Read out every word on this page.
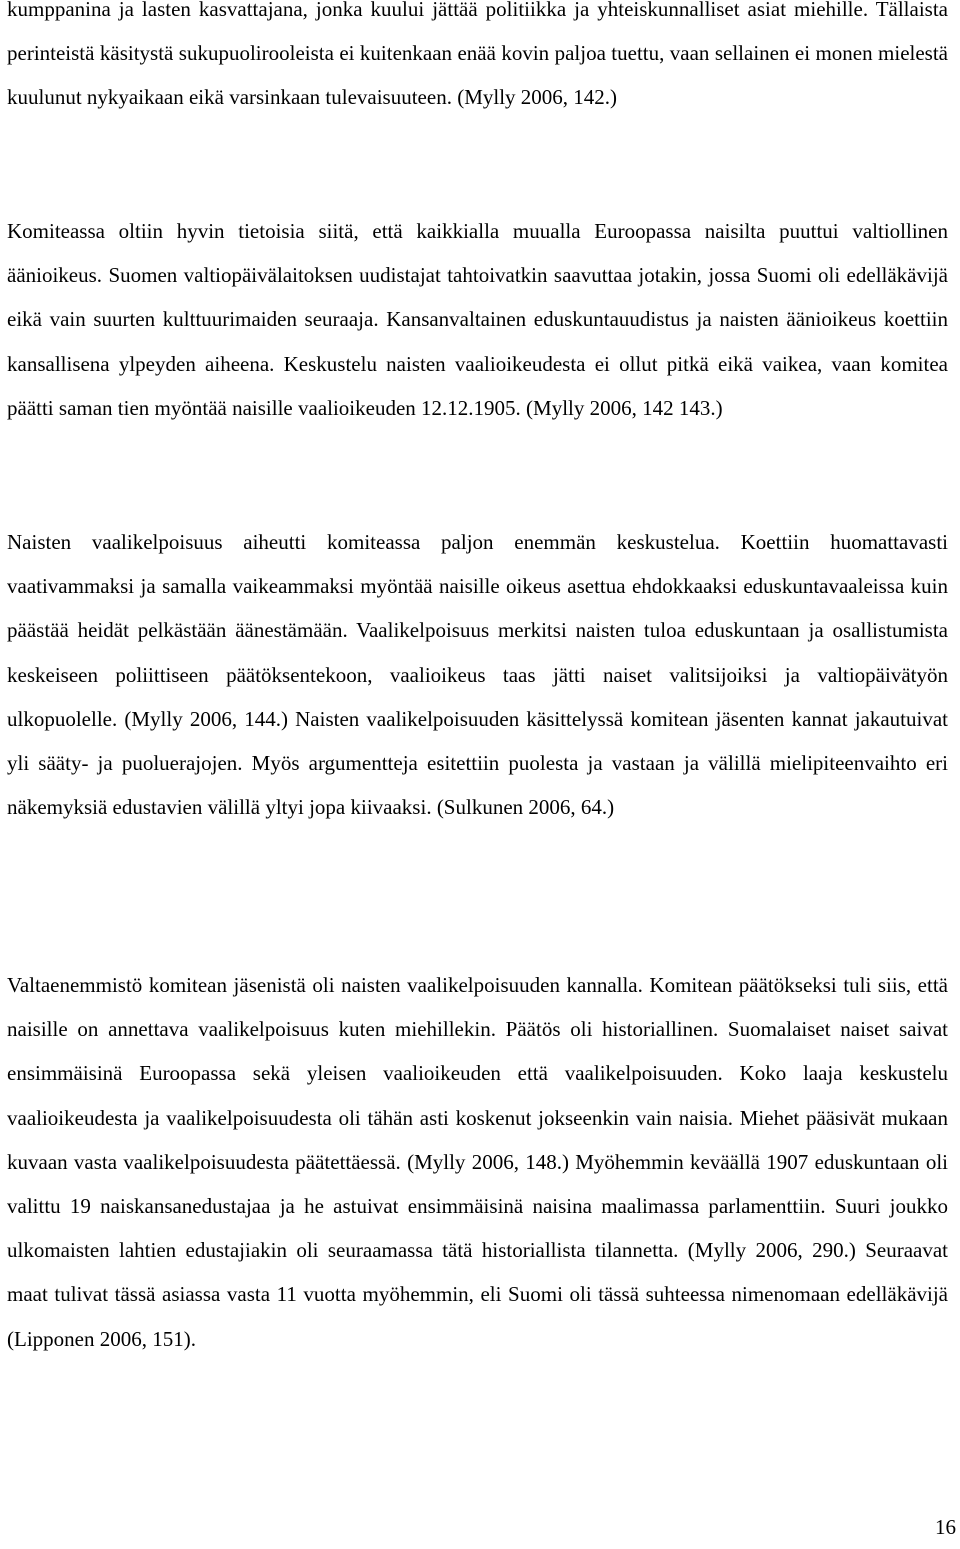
kumppanina ja lasten kasvattajana, jonka kuului jättää politiikka ja yhteiskunnalliset asiat miehille. Tällaista perinteistä käsitystä sukupuolirooleista ei kuitenkaan enää kovin paljoa tuettu, vaan sellainen ei monen mielestä kuulunut nykyaikaan eikä varsinkaan tulevaisuuteen. (Mylly 2006, 142.)

Komiteassa oltiin hyvin tietoisia siitä, että kaikkialla muualla Euroopassa naisilta puuttui valtiollinen äänioikeus. Suomen valtiopäivälaitoksen uudistajat tahtoivatkin saavuttaa jotakin, jossa Suomi oli edelläkävijä eikä vain suurten kulttuurimaiden seuraaja. Kansanvaltainen eduskuntauudistus ja naisten äänioikeus koettiin kansallisena ylpeyden aiheena. Keskustelu naisten vaalioikeudesta ei ollut pitkä eikä vaikea, vaan komitea päätti saman tien myöntää naisille vaalioikeuden 12.12.1905. (Mylly 2006, 142 143.)

Naisten vaalikelpoisuus aiheutti komiteassa paljon enemmän keskustelua. Koettiin huomattavasti vaativammaksi ja samalla vaikeammaksi myöntää naisille oikeus asettua ehdokkaaksi eduskuntavaaleissa kuin päästää heidät pelkästään äänestämään. Vaalikelpoisuus merkitsi naisten tuloa eduskuntaan ja osallistumista keskeiseen poliittiseen päätöksentekoon, vaalioikeus taas jätti naiset valitsijoiksi ja valtiopäivätyön ulkopuolelle. (Mylly 2006, 144.) Naisten vaalikelpoisuuden käsittelyssä komitean jäsenten kannat jakautuivat yli sääty- ja puoluerajojen. Myös argumentteja esitettiin puolesta ja vastaan ja välillä mielipiteenvaihto eri näkemyksiä edustavien välillä yltyi jopa kiivaaksi. (Sulkunen 2006, 64.)

Valtaenemmistö komitean jäsenistä oli naisten vaalikelpoisuuden kannalla. Komitean päätökseksi tuli siis, että naisille on annettava vaalikelpoisuus kuten miehillekin. Päätös oli historiallinen. Suomalaiset naiset saivat ensimmäisinä Euroopassa sekä yleisen vaalioikeuden että vaalikelpoisuuden. Koko laaja keskustelu vaalioikeudesta ja vaalikelpoisuudesta oli tähän asti koskenut jokseenkin vain naisia. Miehet pääsivät mukaan kuvaan vasta vaalikelpoisuudesta päätettäessä. (Mylly 2006, 148.) Myöhemmin keväällä 1907 eduskuntaan oli valittu 19 naiskansanedustajaa ja he astuivat ensimmäisinä naisina maalimassa parlamenttiin. Suuri joukko ulkomaisten lahtien edustajiakin oli seuraamassa tätä historiallista tilannetta. (Mylly 2006, 290.) Seuraavat maat tulivat tässä asiassa vasta 11 vuotta myöhemmin, eli Suomi oli tässä suhteessa nimenomaan edelläkävijä (Lipponen 2006, 151).

16
